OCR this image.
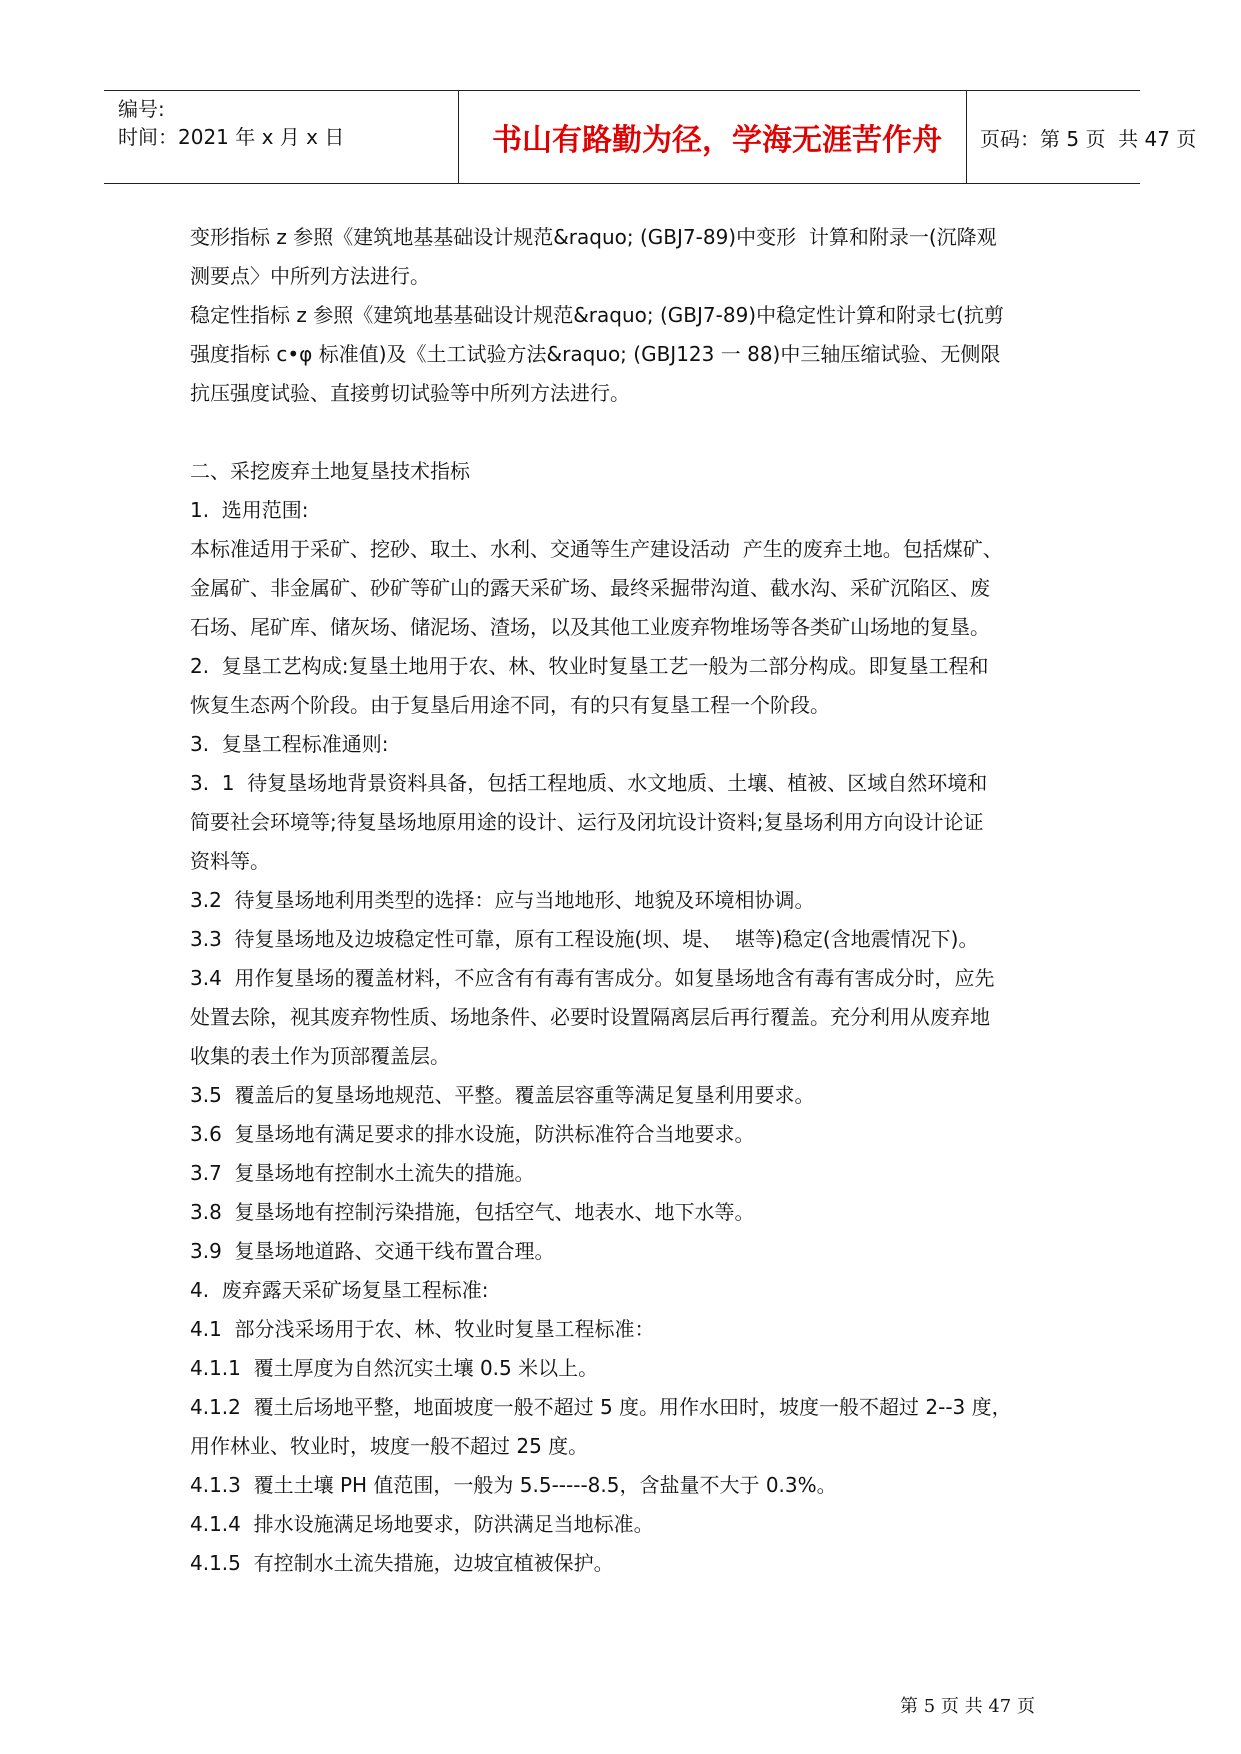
编号:
时间：2021 年 x 月 x 日	书山有路勤为径，学海无涯苦作舟	页码：第 5 页  共 47 页

变形指标 z 参照《建筑地基基础设计规范&raquo; (GBJ7-89)中变形  计算和附录一(沉降观

测要点〉中所列方法进行。

稳定性指标 z 参照《建筑地基基础设计规范&raquo; (GBJ7-89)中稳定性计算和附录七(抗剪

强度指标 c•φ 标准值)及《土工试验方法&raquo; (GBJ123 一 88)中三轴压缩试验、无侧限

抗压强度试验、直接剪切试验等中所列方法进行。

二、采挖废弃土地复垦技术指标

1.  选用范围:

本标准适用于采矿、挖砂、取土、水利、交通等生产建设活动  产生的废弃土地。包括煤矿、

金属矿、非金属矿、砂矿等矿山的露天采矿场、最终采掘带沟道、截水沟、采矿沉陷区、废

石场、尾矿库、储灰场、储泥场、渣场，以及其他工业废弃物堆场等各类矿山场地的复垦。

2.  复垦工艺构成:复垦土地用于农、林、牧业时复垦工艺一般为二部分构成。即复垦工程和

恢复生态两个阶段。由于复垦后用途不同，有的只有复垦工程一个阶段。

3.  复垦工程标准通则:

3.  1  待复垦场地背景资料具备，包括工程地质、水文地质、土壤、植被、区域自然环境和

简要社会环境等;待复垦场地原用途的设计、运行及闭坑设计资料;复垦场利用方向设计论证

资料等。

3.2  待复垦场地利用类型的选择：应与当地地形、地貌及环境相协调。

3.3  待复垦场地及边坡稳定性可靠，原有工程设施(坝、堤、  堪等)稳定(含地震情况下)。

3.4  用作复垦场的覆盖材料，不应含有有毒有害成分。如复垦场地含有毒有害成分时，应先

处置去除，视其废弃物性质、场地条件、必要时设置隔离层后再行覆盖。充分利用从废弃地

收集的表土作为顶部覆盖层。

3.5  覆盖后的复垦场地规范、平整。覆盖层容重等满足复垦利用要求。

3.6  复垦场地有满足要求的排水设施，防洪标准符合当地要求。

3.7  复垦场地有控制水土流失的措施。

3.8  复垦场地有控制污染措施，包括空气、地表水、地下水等。

3.9  复垦场地道路、交通干线布置合理。

4.  废弃露天采矿场复垦工程标准:

4.1  部分浅采场用于农、林、牧业时复垦工程标准：

4.1.1  覆土厚度为自然沉实土壤 0.5 米以上。

4.1.2  覆土后场地平整，地面坡度一般不超过 5 度。用作水田时，坡度一般不超过 2--3 度，

用作林业、牧业时，坡度一般不超过 25 度。

4.1.3  覆土土壤 PH 值范围，一般为 5.5-----8.5，含盐量不大于 0.3%。

4.1.4  排水设施满足场地要求，防洪满足当地标准。

4.1.5  有控制水土流失措施，边坡宜植被保护。

第 5 页 共 47 页
